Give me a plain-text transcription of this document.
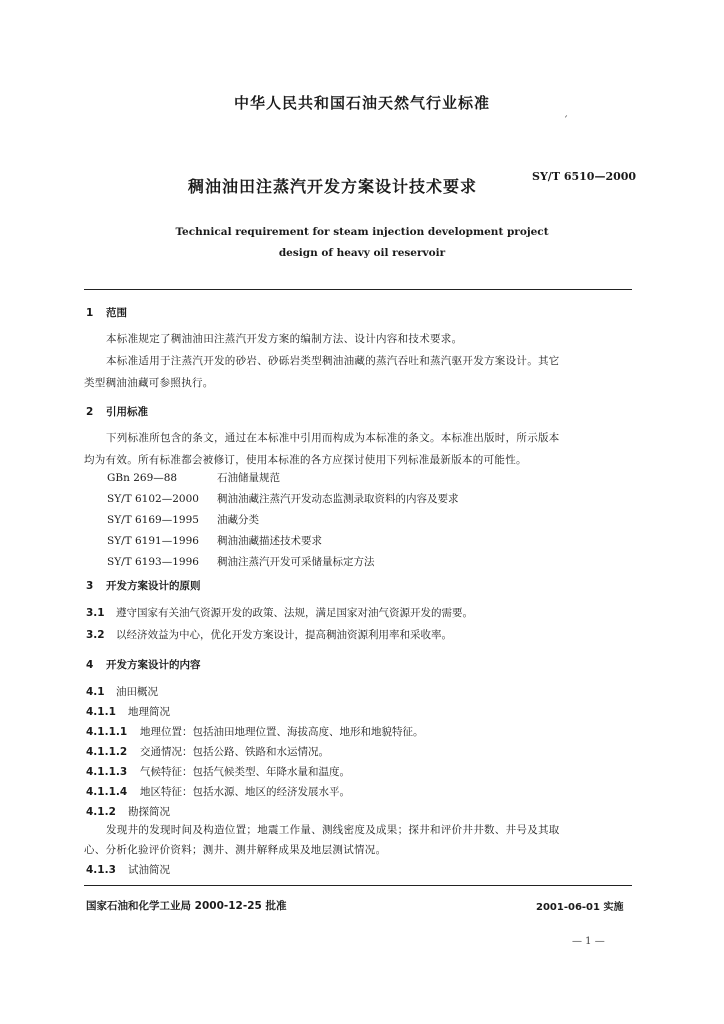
中华人民共和国石油天然气行业标准
ˊ
稠油油田注蒸汽开发方案设计技术要求
SY/T 6510—2000
Technical requirement for steam injection development project
design of heavy oil reservoir
1 范围
本标准规定了稠油油田注蒸汽开发方案的编制方法、设计内容和技术要求。
本标准适用于注蒸汽开发的砂岩、砂砾岩类型稠油油藏的蒸汽吞吐和蒸汽驱开发方案设计。其它
类型稠油油藏可参照执行。
2 引用标准
下列标准所包含的条文，通过在本标准中引用而构成为本标准的条文。本标准出版时，所示版本
均为有效。所有标准都会被修订，使用本标准的各方应探讨使用下列标准最新版本的可能性。
GBn 269—88	石油储量规范
SY/T 6102—2000 稠油油藏注蒸汽开发动态监测录取资料的内容及要求
SY/T 6169—1995 油藏分类
SY/T 6191—1996 稠油油藏描述技术要求
SY/T 6193—1996 稠油注蒸汽开发可采储量标定方法
3 开发方案设计的原则
3.1 遵守国家有关油气资源开发的政策、法规，满足国家对油气资源开发的需要。
3.2 以经济效益为中心，优化开发方案设计，提高稠油资源利用率和采收率。
4 开发方案设计的内容
4.1 油田概况
4.1.1 地理简况
4.1.1.1 地理位置：包括油田地理位置、海拔高度、地形和地貌特征。
4.1.1.2 交通情况：包括公路、铁路和水运情况。
4.1.1.3 气候特征：包括气候类型、年降水量和温度。
4.1.1.4 地区特征：包括水源、地区的经济发展水平。
4.1.2 勘探简况
发现井的发现时间及构造位置；地震工作量、测线密度及成果；探井和评价井井数、井号及其取
心、分析化验评价资料；测井、测井解释成果及地层测试情况。
4.1.3 试油简况
国家石油和化学工业局 2000-12-25 批准	2001-06-01 实施
— 1 —
